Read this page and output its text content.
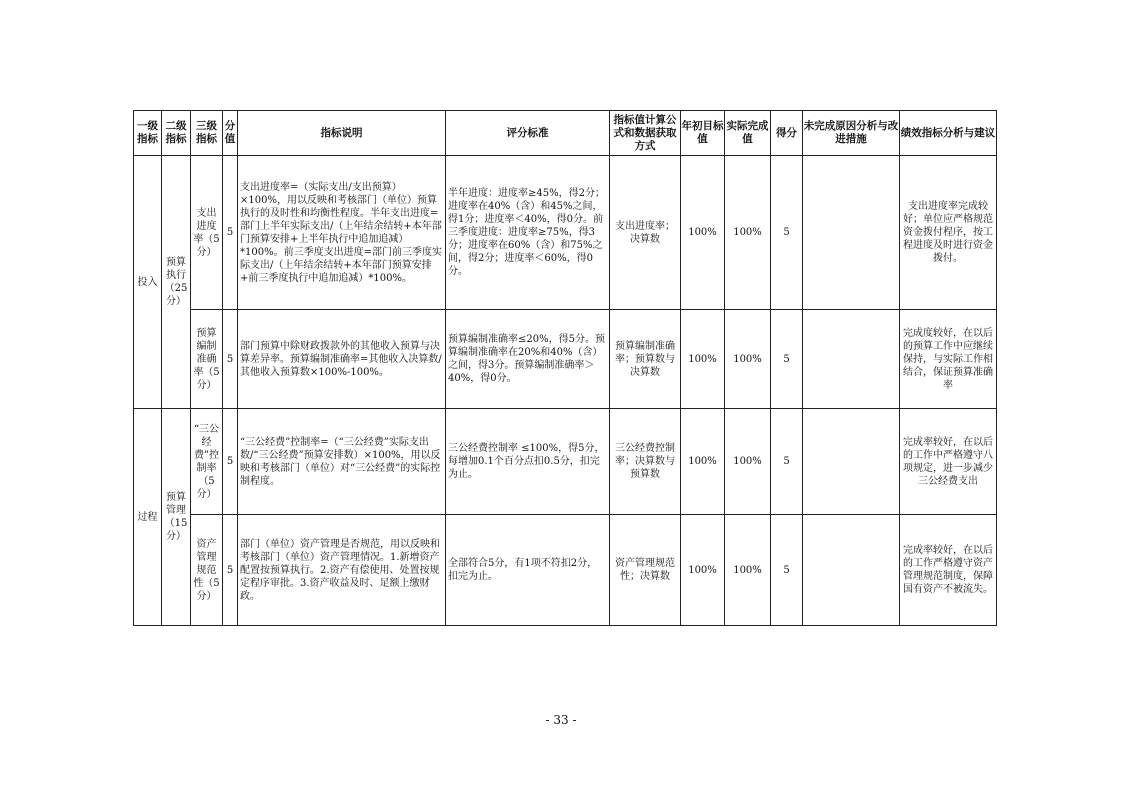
一级指标	二级指标	三级指标	分值	指标说明	评分标准	指标值计算公式和数据获取方式	年初目标值	实际完成值	得分	未完成原因分析与改进措施	绩效指标分析与建议
投入	预算执行（25分）	支出进度率（5分）	5	支出进度率=（实际支出/支出预算）×100%，用以反映和考核部门（单位）预算执行的及时性和均衡性程度。半年支出进度=部门上半年实际支出/（上年结余结转+本年部门预算安排+上半年执行中追加追减）*100%。前三季度支出进度=部门前三季度实际支出/（上年结余结转+本年部门预算安排+前三季度执行中追加追减）*100%。	半年进度：进度率≥45%，得2分；进度率在40%（含）和45%之间，得1分；进度率＜40%，得0分。前三季度进度：进度率≥75%，得3分；进度率在60%（含）和75%之间，得2分；进度率＜60%，得0分。	支出进度率；决算数	100%	100%	5		支出进度率完成较好；单位应严格规范资金拨付程序，按工程进度及时进行资金拨付。
		预算编制准确率（5分）	5	部门预算中除财政拨款外的其他收入预算与决算差异率。预算编制准确率=其他收入决算数/其他收入预算数×100%-100%。	预算编制准确率≤20%，得5分。预算编制准确率在20%和40%（含）之间，得3分。预算编制准确率＞40%，得0分。	预算编制准确率；预算数与决算数	100%	100%	5		完成度较好，在以后的预算工作中应继续保持，与实际工作相结合，保证预算准确率
过程	预算管理（15分）	“三公经费”控制率（5分）	5	“三公经费”控制率=（“三公经费”实际支出数/“三公经费”预算安排数）×100%，用以反映和考核部门（单位）对“三公经费”的实际控制程度。	三公经费控制率 ≤100%，得5分，每增加0.1个百分点扣0.5分，扣完为止。	三公经费控制率；决算数与预算数	100%	100%	5		完成率较好，在以后的工作中严格遵守八项规定，进一步减少三公经费支出
		资产管理规范性（5分）	5	部门（单位）资产管理是否规范，用以反映和考核部门（单位）资产管理情况。1.新增资产配置按预算执行。2.资产有偿使用、处置按规定程序审批。3.资产收益及时、足额上缴财政。	全部符合5分，有1项不符扣2分，扣完为止。	资产管理规范性；决算数	100%	100%	5		完成率较好，在以后的工作严格遵守资产管理规范制度，保障国有资产不被流失。
- 33 -
